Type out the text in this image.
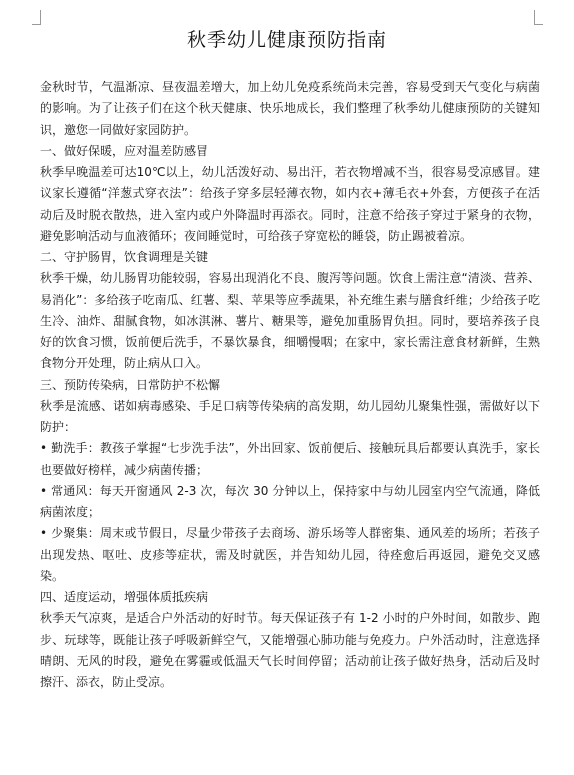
秋季幼儿健康预防指南

金秋时节，气温渐凉、昼夜温差增大，加上幼儿免疫系统尚未完善，容易受到天气变化与病菌的影响。为了让孩子们在这个秋天健康、快乐地成长，我们整理了秋季幼儿健康预防的关键知识，邀您一同做好家园防护。

一、做好保暖，应对温差防感冒

秋季早晚温差可达10℃以上，幼儿活泼好动、易出汗，若衣物增减不当，很容易受凉感冒。建议家长遵循“洋葱式穿衣法”：给孩子穿多层轻薄衣物，如内衣+薄毛衣+外套，方便孩子在活动后及时脱衣散热，进入室内或户外降温时再添衣。同时，注意不给孩子穿过于紧身的衣物，避免影响活动与血液循环；夜间睡觉时，可给孩子穿宽松的睡袋，防止踢被着凉。

二、守护肠胃，饮食调理是关键

秋季干燥，幼儿肠胃功能较弱，容易出现消化不良、腹泻等问题。饮食上需注意“清淡、营养、易消化”：多给孩子吃南瓜、红薯、梨、苹果等应季蔬果，补充维生素与膳食纤维；少给孩子吃生冷、油炸、甜腻食物，如冰淇淋、薯片、糖果等，避免加重肠胃负担。同时，要培养孩子良好的饮食习惯，饭前便后洗手，不暴饮暴食，细嚼慢咽；在家中，家长需注意食材新鲜，生熟食物分开处理，防止病从口入。

三、预防传染病，日常防护不松懈

秋季是流感、诺如病毒感染、手足口病等传染病的高发期，幼儿园幼儿聚集性强，需做好以下防护：

• 勤洗手：教孩子掌握“七步洗手法”，外出回家、饭前便后、接触玩具后都要认真洗手，家长也要做好榜样，减少病菌传播；

• 常通风：每天开窗通风 2-3 次，每次 30 分钟以上，保持家中与幼儿园室内空气流通，降低病菌浓度；

• 少聚集：周末或节假日，尽量少带孩子去商场、游乐场等人群密集、通风差的场所；若孩子出现发热、呕吐、皮疹等症状，需及时就医，并告知幼儿园，待痊愈后再返园，避免交叉感染。

四、适度运动，增强体质抵疾病

秋季天气凉爽，是适合户外活动的好时节。每天保证孩子有 1-2 小时的户外时间，如散步、跑步、玩球等，既能让孩子呼吸新鲜空气，又能增强心肺功能与免疫力。户外活动时，注意选择晴朗、无风的时段，避免在雾霾或低温天气长时间停留；活动前让孩子做好热身，活动后及时擦汗、添衣，防止受凉。
